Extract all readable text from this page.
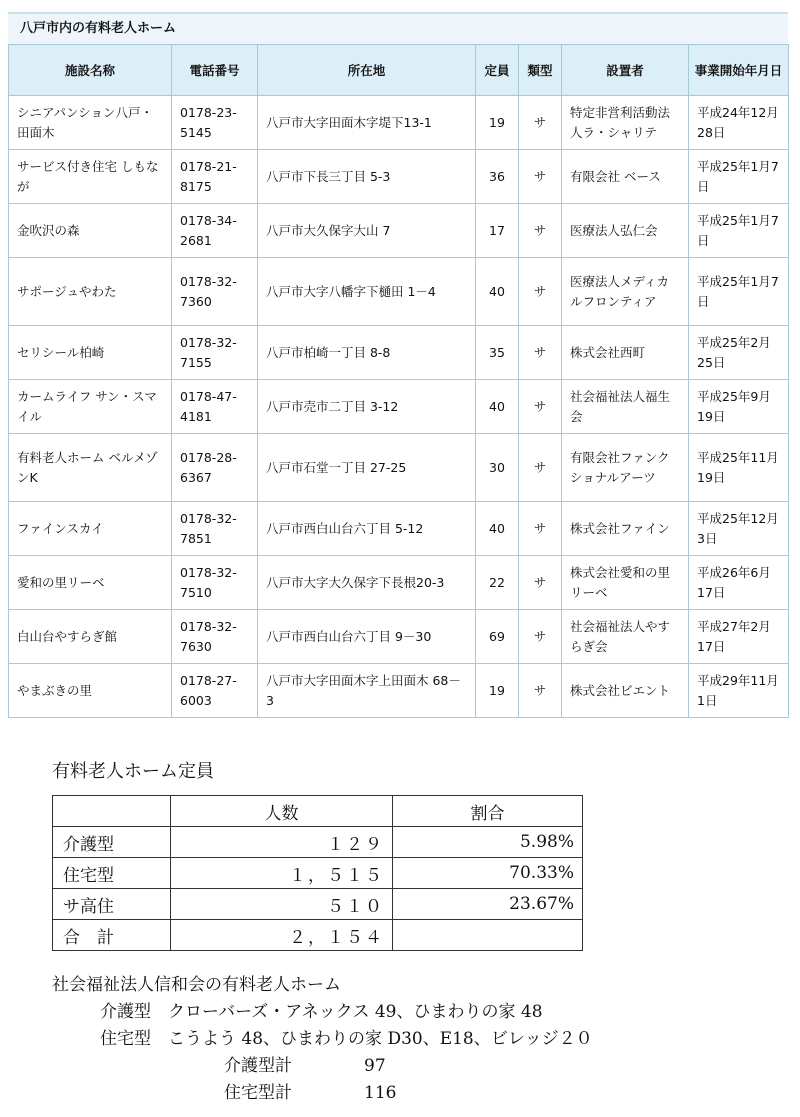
八戸市内の有料老人ホーム
施設名称	電話番号	所在地	定員	類型	設置者	事業開始年月日
シニアパンション八戸・田面木	0178-23-5145	八戸市大字田面木字堤下13-1	19	サ	特定非営利活動法人ラ・シャリテ	平成24年12月28日
サービス付き住宅 しもなが	0178-21-8175	八戸市下長三丁目 5-3	36	サ	有限会社 ベース	平成25年1月7日
金吹沢の森	0178-34-2681	八戸市大久保字大山 7	17	サ	医療法人弘仁会	平成25年1月7日
サポージュやわた	0178-32-7360	八戸市大字八幡字下樋田 1－4	40	サ	医療法人メディカルフロンティア	平成25年1月7日
セリシール柏崎	0178-32-7155	八戸市柏崎一丁目 8-8	35	サ	株式会社西町	平成25年2月25日
カームライフ サン・スマイル	0178-47-4181	八戸市売市二丁目 3-12	40	サ	社会福祉法人福生会	平成25年9月19日
有料老人ホーム ベルメゾンK	0178-28-6367	八戸市石堂一丁目 27-25	30	サ	有限会社ファンクショナルアーツ	平成25年11月19日
ファインスカイ	0178-32-7851	八戸市西白山台六丁目 5-12	40	サ	株式会社ファイン	平成25年12月3日
愛和の里リーベ	0178-32-7510	八戸市大字大久保字下長根20-3	22	サ	株式会社愛和の里リーベ	平成26年6月17日
白山台やすらぎ館	0178-32-7630	八戸市西白山台六丁目 9－30	69	サ	社会福祉法人やすらぎ会	平成27年2月17日
やまぶきの里	0178-27-6003	八戸市大字田面木字上田面木 68－3	19	サ	株式会社ビエント	平成29年11月1日
有料老人ホーム定員
	人数	割合
介護型	１２９	5.98%
住宅型	１，５１５	70.33%
サ高住	５１０	23.67%
合　計	２，１５４	
社会福祉法人信和会の有料老人ホーム
介護型　クローバーズ・アネックス 49、ひまわりの家 48
住宅型　こうよう 48、ひまわりの家 D30、E18、ビレッジ２０
介護型計	97
住宅型計	116
